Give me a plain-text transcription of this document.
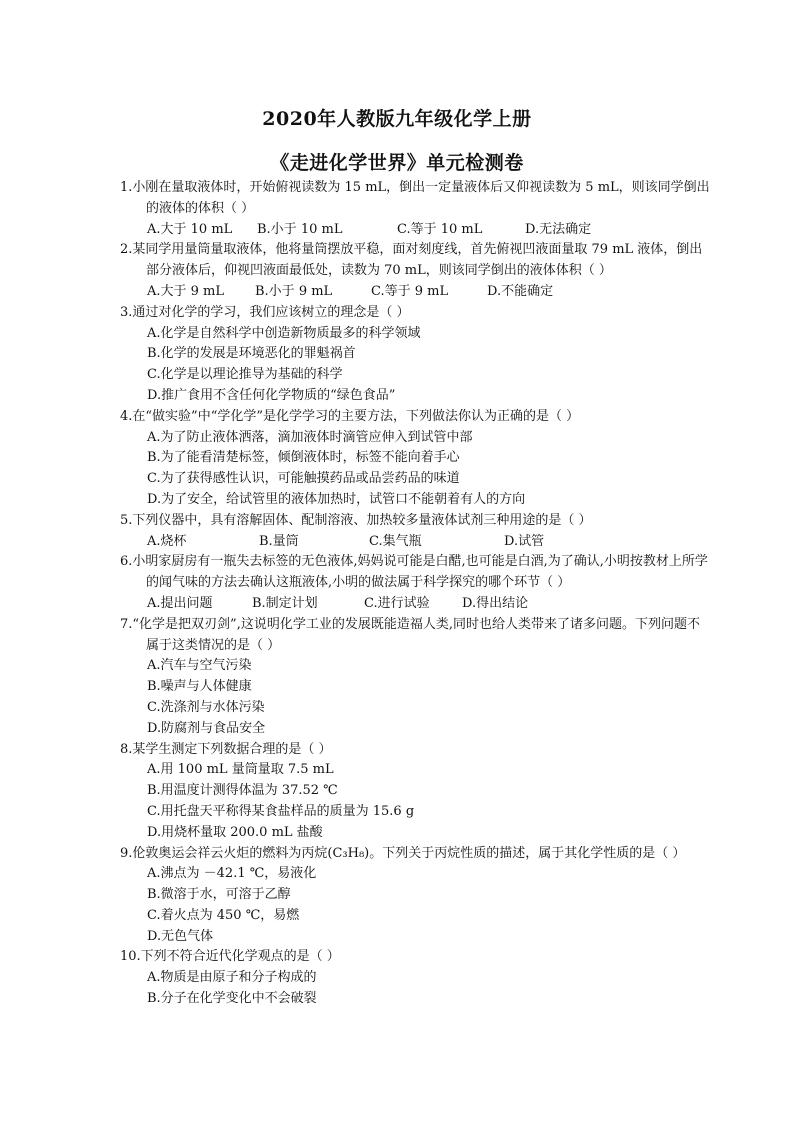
2020年人教版九年级化学上册
《走进化学世界》单元检测卷
1.小刚在量取液体时，开始俯视读数为 15 mL，倒出一定量液体后又仰视读数为 5 mL，则该同学倒出的液体的体积（ ）
A.大于 10 mL B.小于 10 mL	C.等于 10 mL	D.无法确定
2.某同学用量筒量取液体，他将量筒摆放平稳，面对刻度线，首先俯视凹液面量取 79 mL 液体，倒出部分液体后，仰视凹液面最低处，读数为 70 mL，则该同学倒出的液体体积（ ）
A.大于 9 mL B.小于 9 mL	C.等于 9 mL	D.不能确定
3.通过对化学的学习，我们应该树立的理念是（ ）
A.化学是自然科学中创造新物质最多的科学领域
B.化学的发展是环境恶化的罪魁祸首
C.化学是以理论推导为基础的科学
D.推广食用不含任何化学物质的“绿色食品”
4.在“做实验”中“学化学”是化学学习的主要方法，下列做法你认为正确的是（ ）
A.为了防止液体洒落，滴加液体时滴管应伸入到试管中部
B.为了能看清楚标签，倾倒液体时，标签不能向着手心
C.为了获得感性认识，可能触摸药品或品尝药品的味道
D.为了安全，给试管里的液体加热时，试管口不能朝着有人的方向
5.下列仪器中，具有溶解固体、配制溶液、加热较多量液体试剂三种用途的是（ ）
A.烧杯	B.量筒	C.集气瓶	D.试管
6.小明家厨房有一瓶失去标签的无色液体,妈妈说可能是白醋,也可能是白酒,为了确认,小明按教材上所学的闻气味的方法去确认这瓶液体,小明的做法属于科学探究的哪个环节（ ）
A.提出问题	B.制定计划	C.进行试验 D.得出结论
7.“化学是把双刃剑”,这说明化学工业的发展既能造福人类,同时也给人类带来了诸多问题。下列问题不属于这类情况的是（ ）
A.汽车与空气污染
B.噪声与人体健康
C.洗涤剂与水体污染
D.防腐剂与食品安全
8.某学生测定下列数据合理的是（ ）
A.用 100 mL 量筒量取 7.5 mL
B.用温度计测得体温为 37.52 ℃
C.用托盘天平称得某食盐样品的质量为 15.6 g
D.用烧杯量取 200.0 mL 盐酸
9.伦敦奥运会祥云火炬的燃料为丙烷(C₃H₈)。下列关于丙烷性质的描述，属于其化学性质的是（ ）
A.沸点为 －42.1 ℃，易液化
B.微溶于水，可溶于乙醇
C.着火点为 450 ℃，易燃
D.无色气体
10.下列不符合近代化学观点的是（ ）
A.物质是由原子和分子构成的
B.分子在化学变化中不会破裂
